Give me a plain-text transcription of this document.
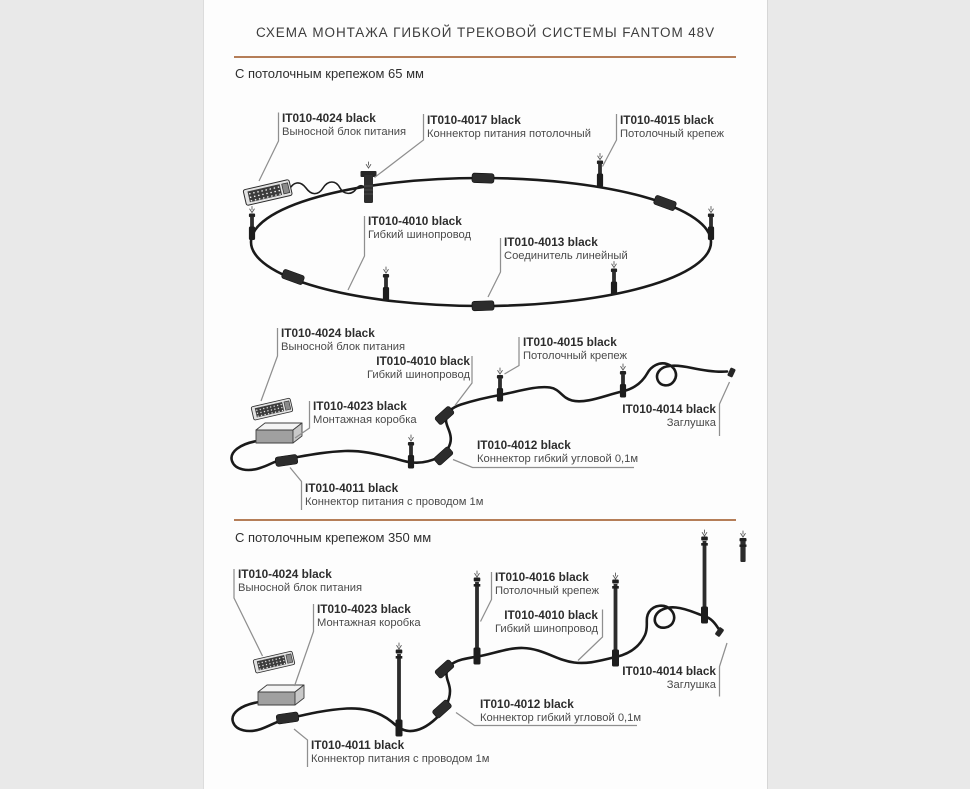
СХЕМА МОНТАЖА ГИБКОЙ ТРЕКОВОЙ СИСТЕМЫ FANTOM 48V
С потолочным крепежом 65 мм
С потолочным крепежом 350 мм
IT010-4024 black
Выносной блок питания
IT010-4017 black
Коннектор питания потолочный
IT010-4015 black
Потолочный крепеж
IT010-4010 black
Гибкий шинопровод
IT010-4013 black
Соединитель линейный
IT010-4024 black
Выносной блок питания
IT010-4010 black
Гибкий шинопровод
IT010-4015 black
Потолочный крепеж
IT010-4023 black
Монтажная коробка
IT010-4014 black
Заглушка
IT010-4012 black
Коннектор гибкий угловой 0,1м
IT010-4011 black
Коннектор питания с проводом 1м
IT010-4024 black
Выносной блок питания
IT010-4023 black
Монтажная коробка
IT010-4016 black
Потолочный крепеж
IT010-4010 black
Гибкий шинопровод
IT010-4014 black
Заглушка
IT010-4012 black
Коннектор гибкий угловой 0,1м
IT010-4011 black
Коннектор питания с проводом 1м
